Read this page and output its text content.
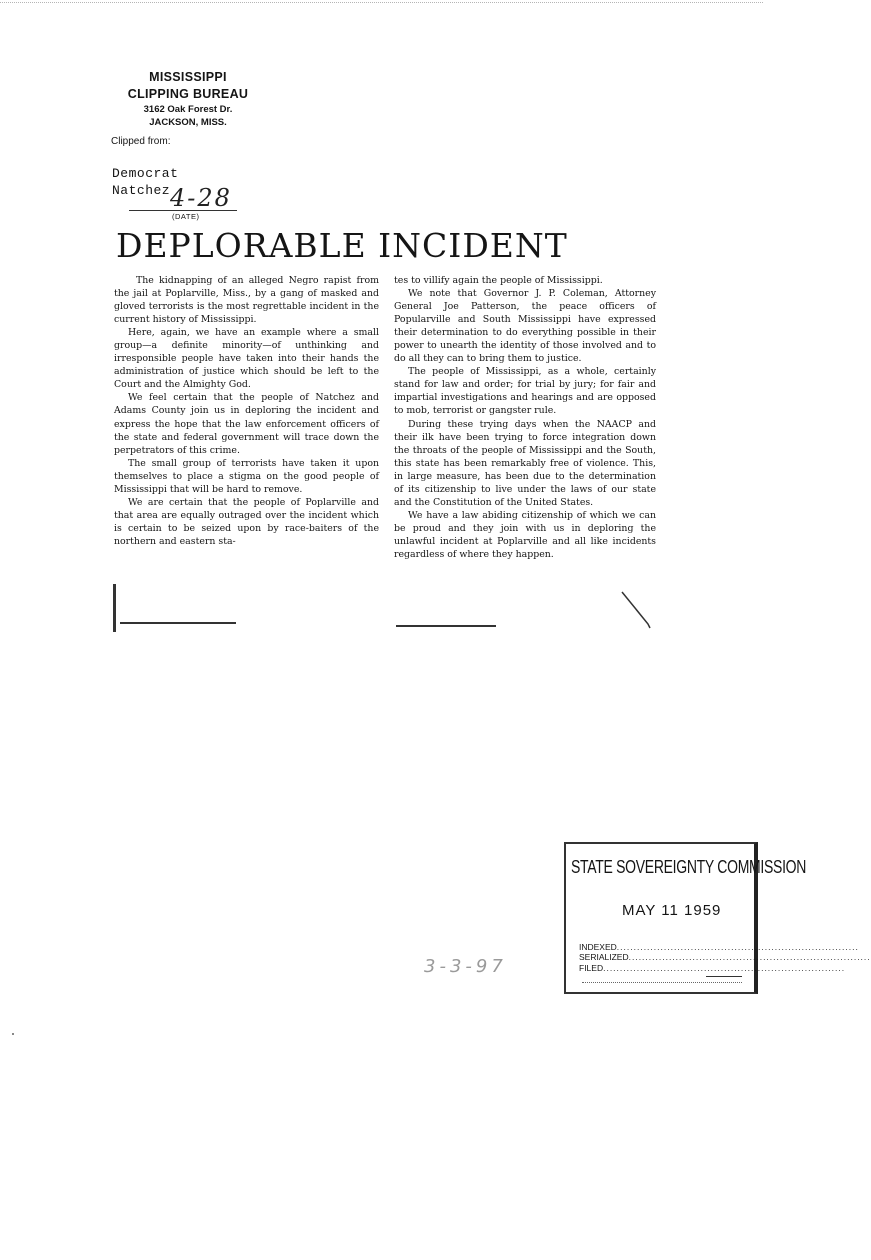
MISSISSIPPI
CLIPPING BUREAU
3162 Oak Forest Dr.
JACKSON, MISS.
Clipped from:
Democrat
Natchez 4-28
(DATE)
DEPLORABLE INCIDENT

The kidnapping of an alleged Negro rapist from the jail at Poplarville, Miss., by a gang of masked and gloved terrorists is the most regrettable incident in the current history of Mississippi.

Here, again, we have an example where a small group—a definite minority—of unthinking and irresponsible people have taken into their hands the administration of justice which should be left to the Court and the Almighty God.

We feel certain that the people of Natchez and Adams County join us in deploring the incident and express the hope that the law enforcement officers of the state and federal government will trace down the perpetrators of this crime.

The small group of terrorists have taken it upon themselves to place a stigma on the good people of Mississippi that will be hard to remove.

We are certain that the people of Poplarville and that area are equally outraged over the incident which is certain to be seized upon by race-baiters of the northern and eastern sta-

tes to villify again the people of Mississippi.

We note that Governor J. P. Coleman, Attorney General Joe Patterson, the peace officers of Popularville and South Mississippi have expressed their determination to do everything possible in their power to unearth the identity of those involved and to do all they can to bring them to justice.

The people of Mississippi, as a whole, certainly stand for law and order; for trial by jury; for fair and impartial investigations and hearings and are opposed to mob, terrorist or gangster rule.

During these trying days when the NAACP and their ilk have been trying to force integration down the throats of the people of Mississippi and the South, this state has been remarkably free of violence. This, in large measure, has been due to the determination of its citizenship to live under the laws of our state and the Constitution of the United States.

We have a law abiding citizenship of which we can be proud and they join with us in deploring the unlawful incident at Poplarville and all like incidents regardless of where they happen.

STATE SOVEREIGNTY COMMISSION
MAY 11 1959
INDEXED .....
SERIALIZED .....
FILED .....
3-3-97
